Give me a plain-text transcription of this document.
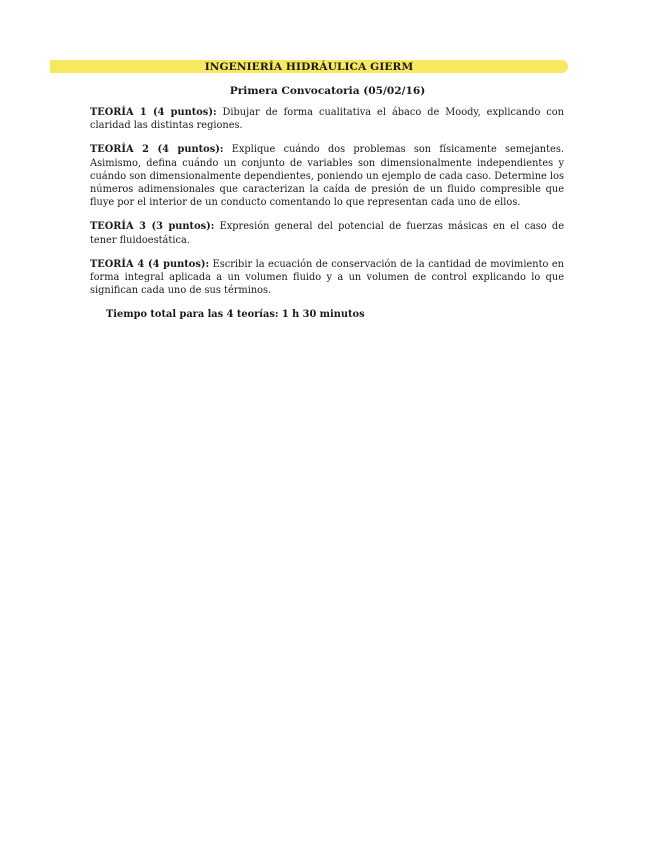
INGENIERÍA HIDRÁULICA GIERM
Primera Convocatoria (05/02/16)

TEORÍA 1 (4 puntos): Dibujar de forma cualitativa el ábaco de Moody, explicando con claridad las distintas regiones.

TEORÍA 2 (4 puntos): Explique cuándo dos problemas son físicamente semejantes. Asimismo, defina cuándo un conjunto de variables son dimensionalmente independientes y cuándo son dimensionalmente dependientes, poniendo un ejemplo de cada caso. Determine los números adimensionales que caracterizan la caída de presión de un fluido compresible que fluye por el interior de un conducto comentando lo que representan cada uno de ellos.

TEORÍA 3 (3 puntos): Expresión general del potencial de fuerzas másicas en el caso de tener fluidoestática.

TEORÍA 4 (4 puntos): Escribir la ecuación de conservación de la cantidad de movimiento en forma integral aplicada a un volumen fluido y a un volumen de control explicando lo que significan cada uno de sus términos.

Tiempo total para las 4 teorías: 1 h 30 minutos
